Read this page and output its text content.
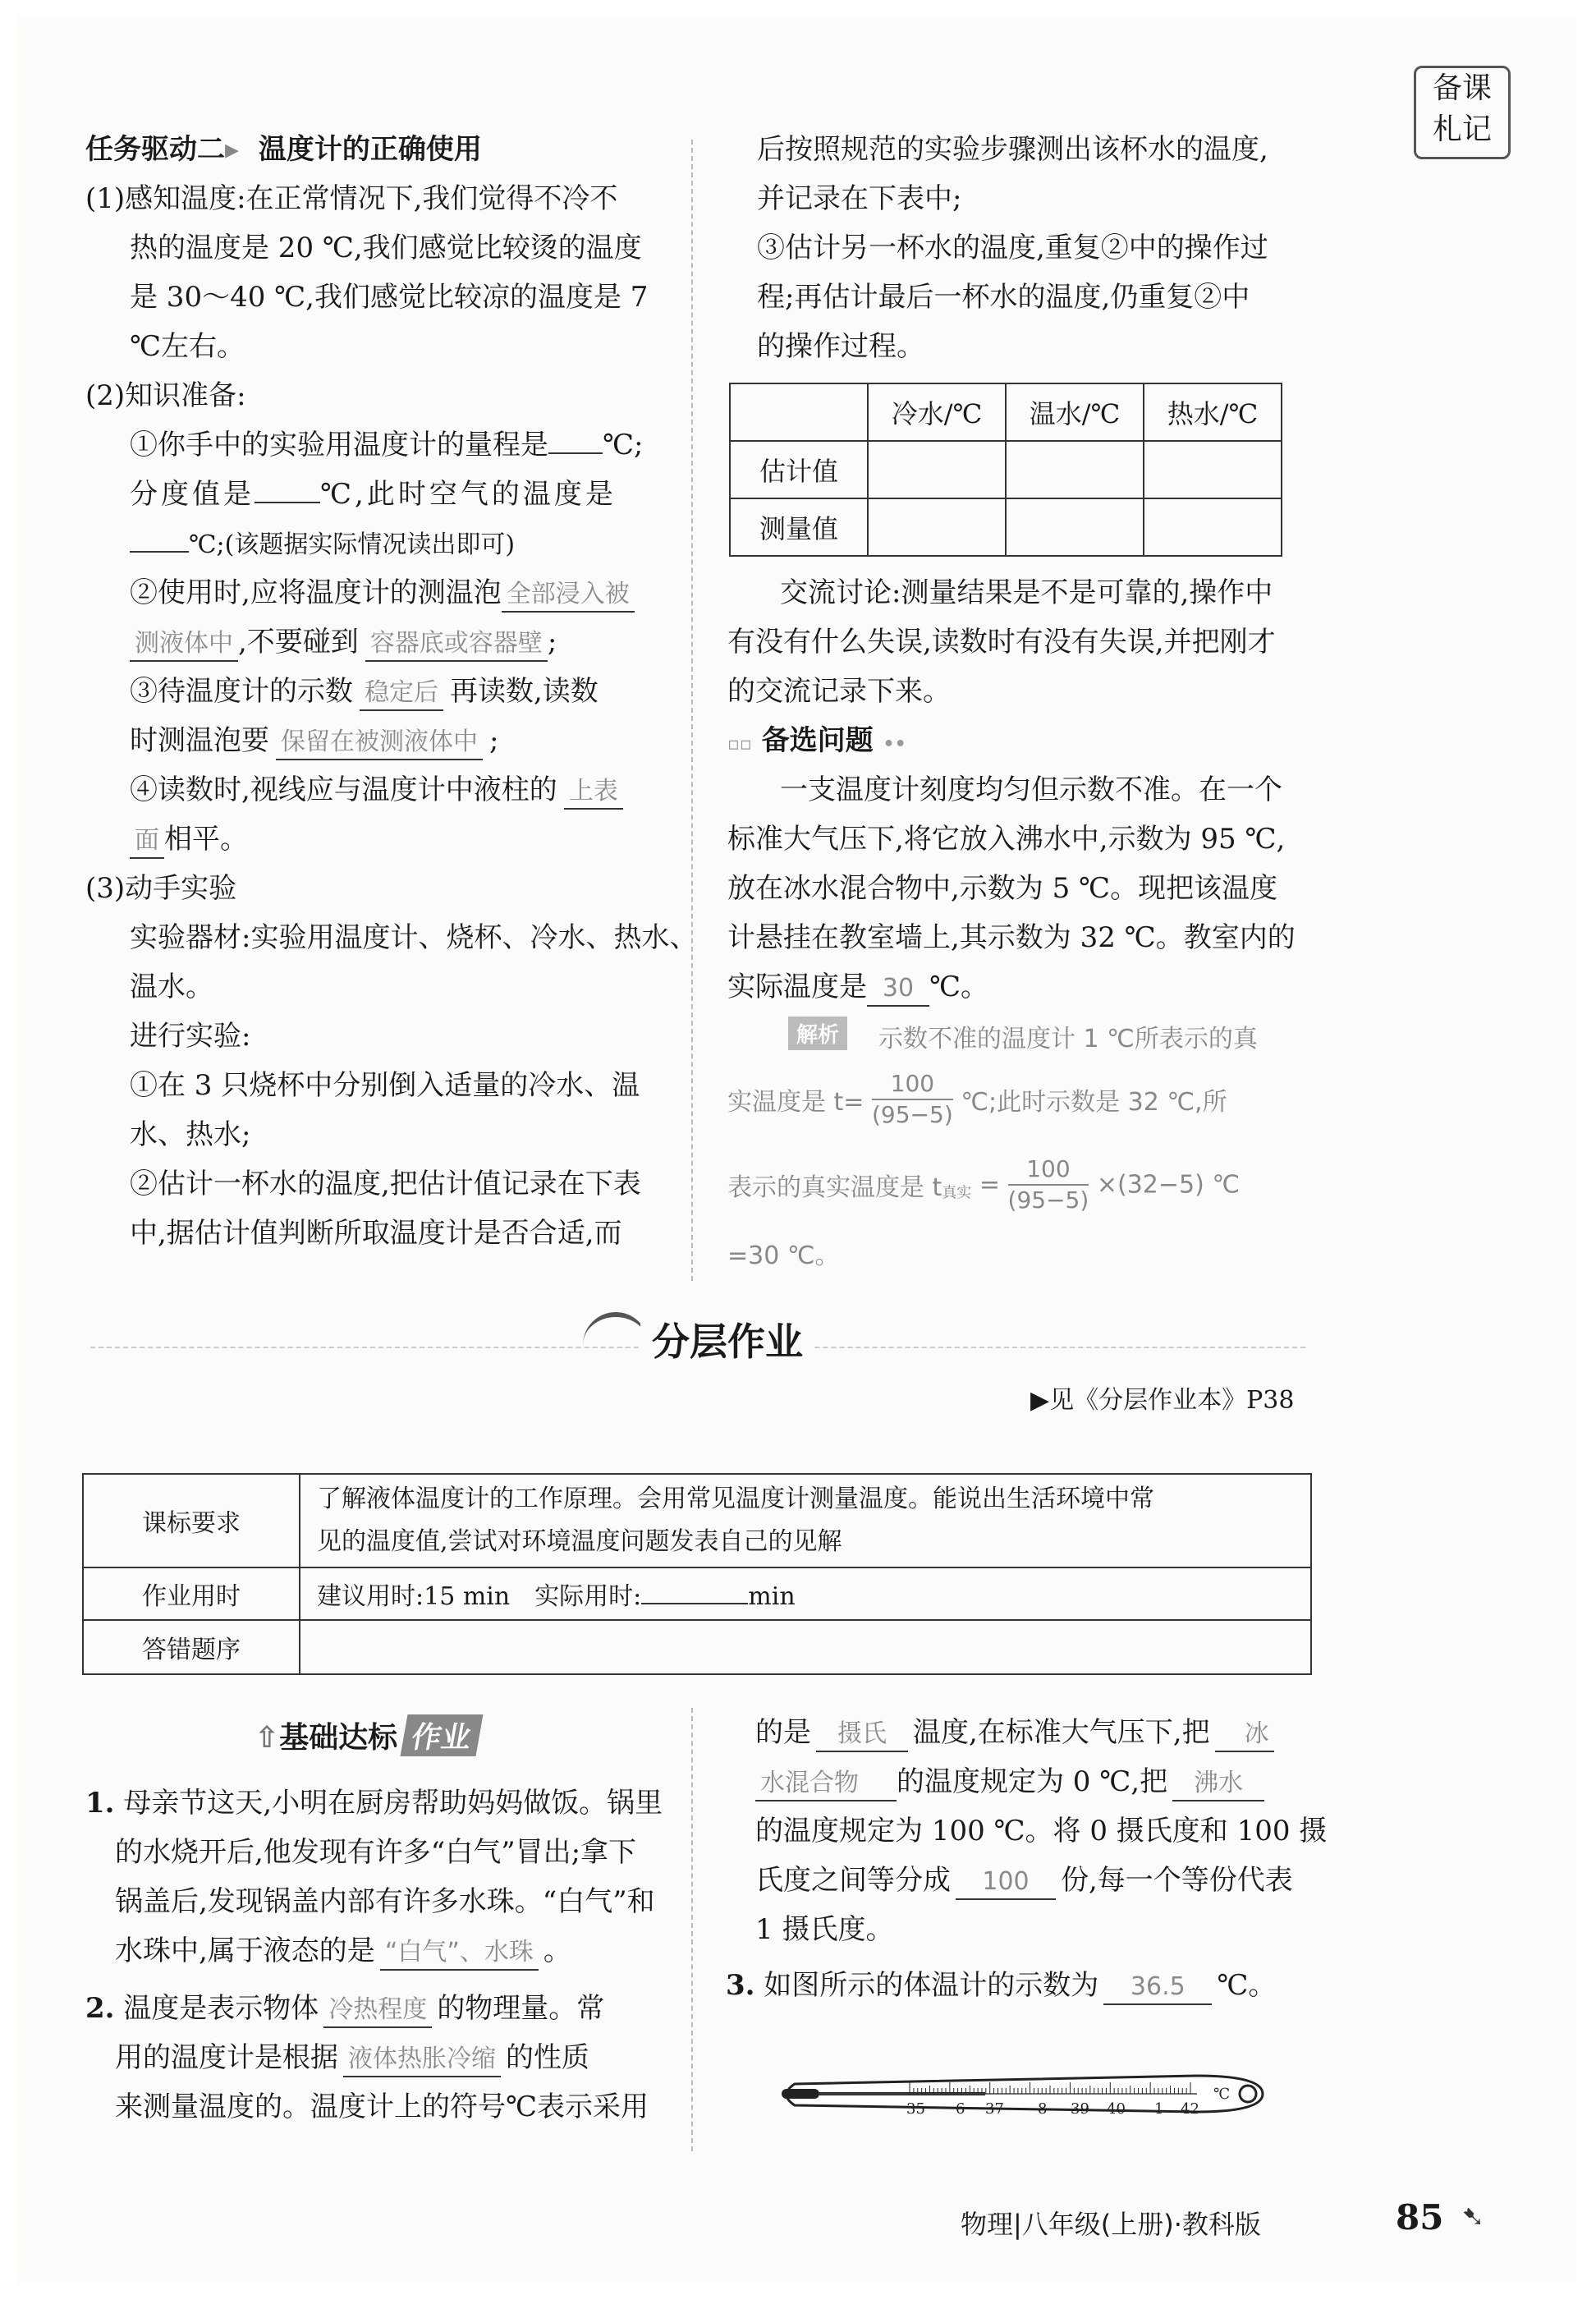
备课
札记
任务驱动二▸ 温度计的正确使用
(1)感知温度:在正常情况下,我们觉得不冷不
热的温度是 20 ℃,我们感觉比较烫的温度
是 30～40 ℃,我们感觉比较凉的温度是 7
℃左右。
(2)知识准备:
①你手中的实验用温度计的量程是 ℃;
分度值是 ℃,此时空气的温度是
℃;(该题据实际情况读出即可)
②使用时,应将温度计的测温泡 全部浸入被
测液体中 ,不要碰到 容器底或容器壁 ;
③待温度计的示数 稳定后 再读数,读数
时测温泡要 保留在被测液体中 ;
④读数时,视线应与温度计中液柱的 上表
面 相平。
(3)动手实验
实验器材:实验用温度计、烧杯、冷水、热水、
温水。
进行实验:
①在 3 只烧杯中分别倒入适量的冷水、温
水、热水;
②估计一杯水的温度,把估计值记录在下表
中,据估计值判断所取温度计是否合适,而
后按照规范的实验步骤测出该杯水的温度,
并记录在下表中;
③估计另一杯水的温度,重复②中的操作过
程;再估计最后一杯水的温度,仍重复②中
的操作过程。
	冷水/℃	温水/℃	热水/℃
估计值			
测量值			
交流讨论:测量结果是不是可靠的,操作中
有没有什么失误,读数时有没有失误,并把刚才
的交流记录下来。
▫▫ 备选问题 ••
一支温度计刻度均匀但示数不准。在一个
标准大气压下,将它放入沸水中,示数为 95 ℃,
放在冰水混合物中,示数为 5 ℃。现把该温度
计悬挂在教室墙上,其示数为 32 ℃。教室内的
实际温度是 30 ℃。
解析	示数不准的温度计 1 ℃所表示的真
实温度是 $t= \frac{100}{(95-5)}$ ℃;此时示数是 32 ℃,所
表示的真实温度是 $t_{真实} = \frac{100}{(95-5)} \times(32-5)$ ℃
=30 ℃。
分层作业
▶见《分层作业本》P38
课标要求	了解液体温度计的工作原理。会用常见温度计测量温度。能说出生活环境中常
见的温度值,尝试对环境温度问题发表自己的见解

作业用时	建议用时:15 min　实际用时: min
答错题序	
⇧基础达标 作业
1. 母亲节这天,小明在厨房帮助妈妈做饭。锅里
的水烧开后,他发现有许多“白气”冒出;拿下
锅盖后,发现锅盖内部有许多水珠。“白气”和
水珠中,属于液态的是 “白气”、水珠 。
2. 温度是表示物体 冷热程度 的物理量。常
用的温度计是根据 液体热胀冷缩 的性质
来测量温度的。温度计上的符号℃表示采用
的是 摄氏 温度,在标准大气压下,把 冰
水混合物 的温度规定为 0 ℃,把 沸水
的温度规定为 100 ℃。将 0 摄氏度和 100 摄
氏度之间等分成 100 份,每一个等份代表
1 摄氏度。
3. 如图所示的体温计的示数为 36.5 ℃。
35 6 37 8 39 40 1 42
℃
物理|八年级(上册)·教科版	85 ➷
